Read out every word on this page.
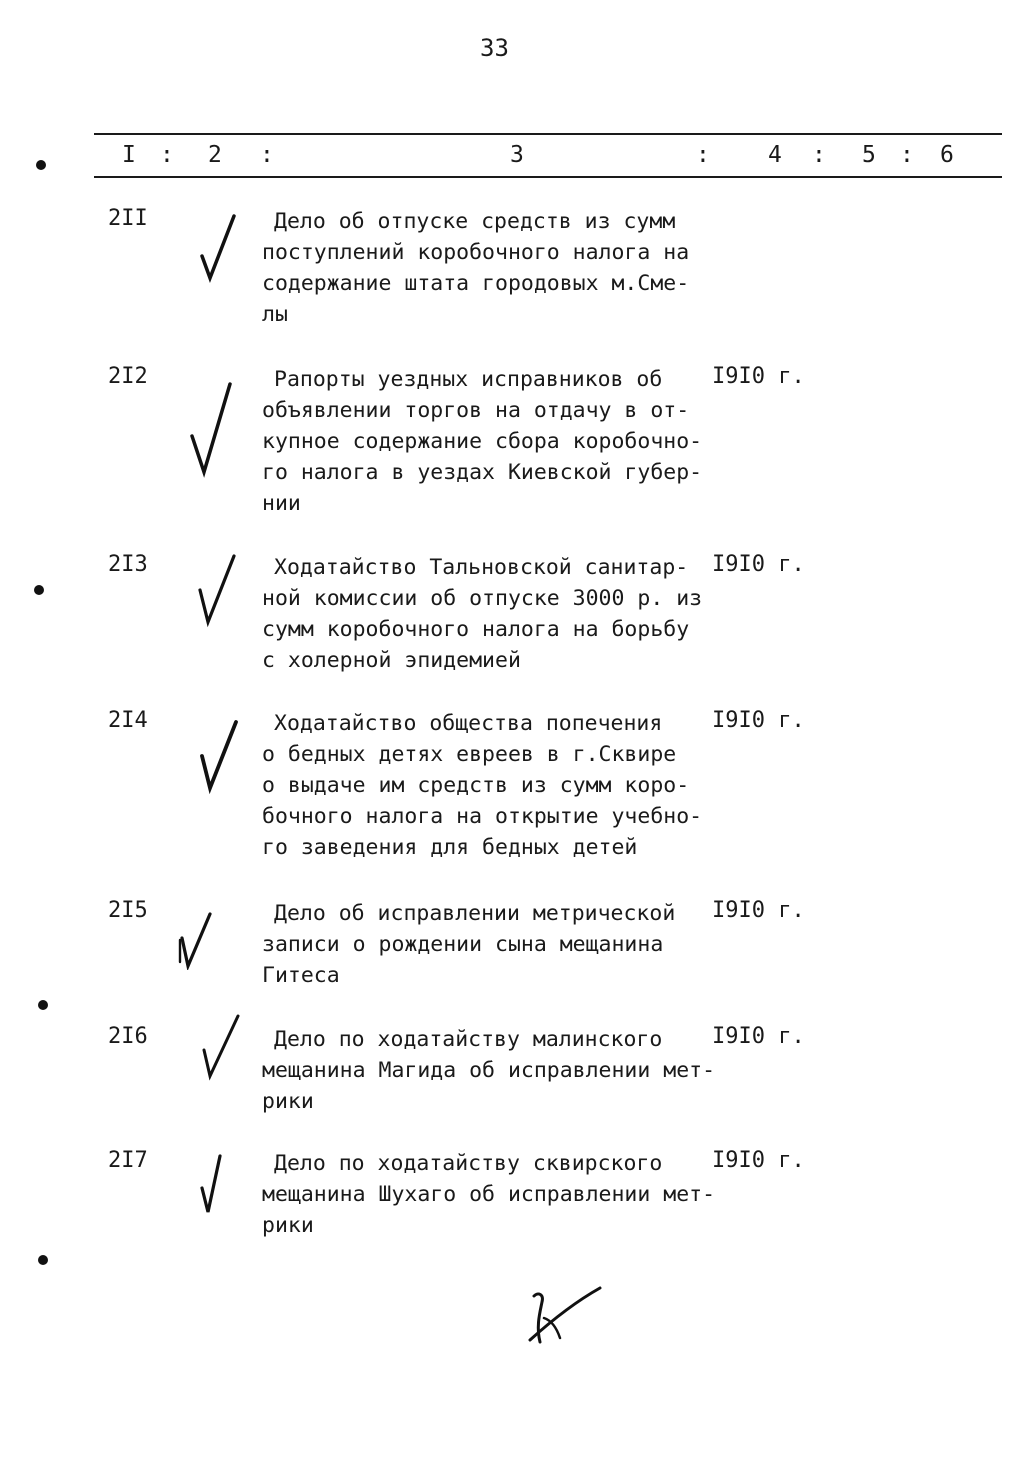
33
I : 2 :	3	:	4 : 5 : 6
2II	Дело об отпуске средств из сумм
поступлений коробочного налога на
содержание штата городовых м.Сме-
лы
2I2	Рапорты уездных исправников об
объявлении торгов на отдачу в от-
купное содержание сбора коробочно-
го налога в уездах Киевской губер-
нии
I9I0 г.
2I3	Ходатайство Тальновской санитар-
ной комиссии об отпуске 3000 р. из
сумм коробочного налога на борьбу
с холерной эпидемией
I9I0 г.
2I4	Ходатайство общества попечения
о бедных детях евреев в г.Сквире
о выдаче им средств из сумм коро-
бочного налога на открытие учебно-
го заведения для бедных детей
I9I0 г.
2I5	Дело об исправлении метрической
записи о рождении сына мещанина
Гитеса
I9I0 г.
2I6	Дело по ходатайству малинского
мещанина Магида об исправлении мет-
рики
I9I0 г.
2I7	Дело по ходатайству сквирского
мещанина Шухаго об исправлении мет-
рики
I9I0 г.
